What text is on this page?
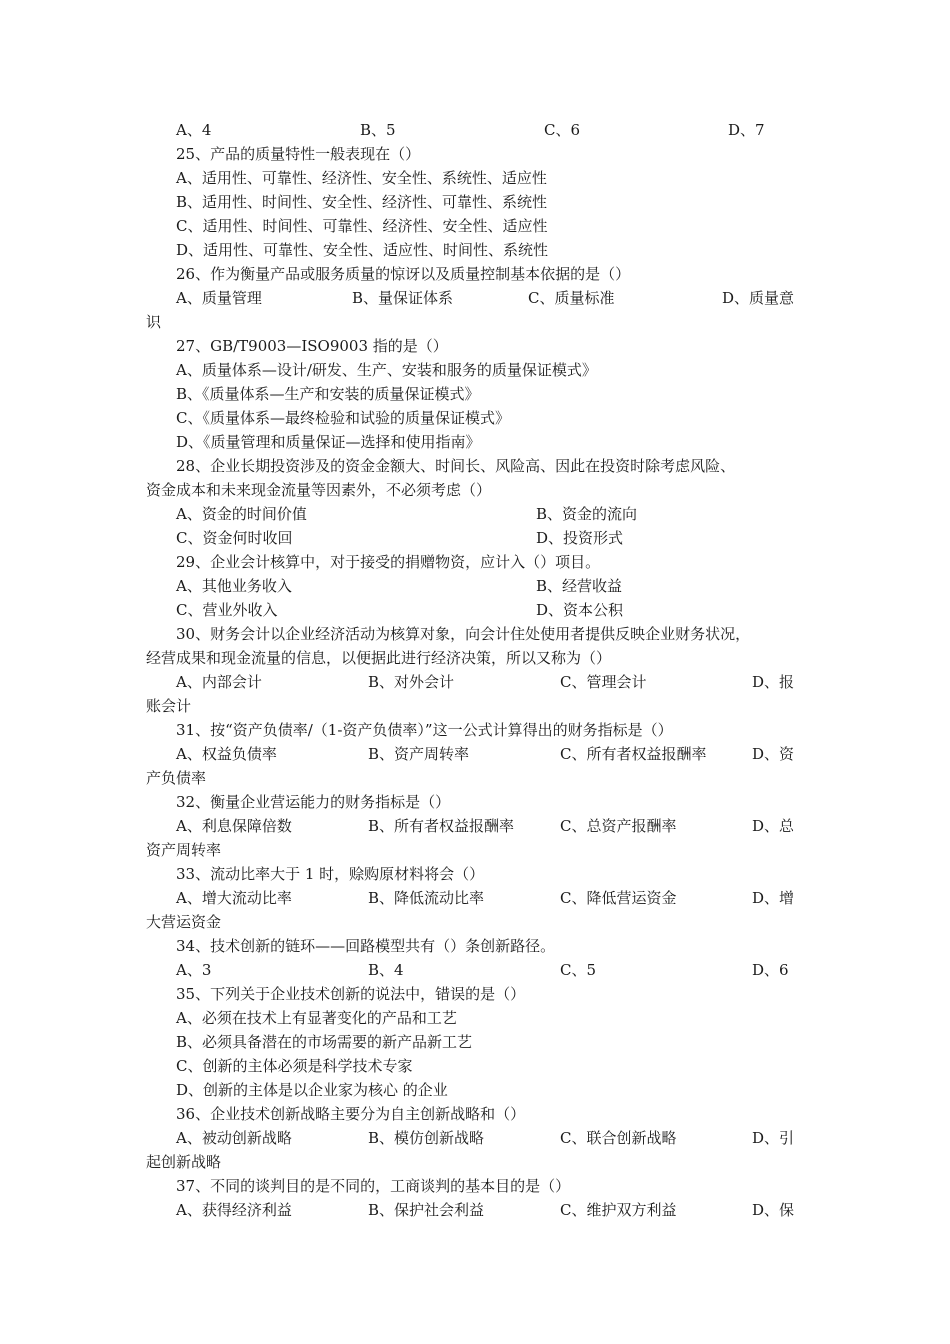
A、4	B、5	C、6	D、7
25、产品的质量特性一般表现在（）
A、适用性、可靠性、经济性、安全性、系统性、适应性
B、适用性、时间性、安全性、经济性、可靠性、系统性
C、适用性、时间性、可靠性、经济性、安全性、适应性
D、适用性、可靠性、安全性、适应性、时间性、系统性
26、作为衡量产品或服务质量的惊讶以及质量控制基本依据的是（）
A、质量管理	B、量保证体系	C、质量标准	D、质量意
识
27、GB/T9003—ISO9003 指的是（）
A、质量体系—设计/研发、生产、安装和服务的质量保证模式》
B、《质量体系—生产和安装的质量保证模式》
C、《质量体系—最终检验和试验的质量保证模式》
D、《质量管理和质量保证—选择和使用指南》
28、企业长期投资涉及的资金金额大、时间长、风险高、因此在投资时除考虑风险、
资金成本和未来现金流量等因素外，不必须考虑（）
A、资金的时间价值	B、资金的流向
C、资金何时收回	D、投资形式
29、企业会计核算中，对于接受的捐赠物资，应计入（）项目。
A、其他业务收入	B、经营收益
C、营业外收入	D、资本公积
30、财务会计以企业经济活动为核算对象，向会计住处使用者提供反映企业财务状况，
经营成果和现金流量的信息，以便据此进行经济决策，所以又称为（）
A、内部会计	B、对外会计	C、管理会计	D、报
账会计
31、按“资产负债率/（1-资产负债率）”这一公式计算得出的财务指标是（）
A、权益负债率	B、资产周转率	C、所有者权益报酬率	D、资
产负债率
32、衡量企业营运能力的财务指标是（）
A、利息保障倍数	B、所有者权益报酬率	C、总资产报酬率	D、总
资产周转率
33、流动比率大于 1 时，赊购原材料将会（）
A、增大流动比率	B、降低流动比率	C、降低营运资金	D、增
大营运资金
34、技术创新的链环——回路模型共有（）条创新路径。
A、3	B、4	C、5	D、6
35、下列关于企业技术创新的说法中，错误的是（）
A、必须在技术上有显著变化的产品和工艺
B、必须具备潜在的市场需要的新产品新工艺
C、创新的主体必须是科学技术专家
D、创新的主体是以企业家为核心 的企业
36、企业技术创新战略主要分为自主创新战略和（）
A、被动创新战略	B、模仿创新战略	C、联合创新战略	D、引
起创新战略
37、不同的谈判目的是不同的，工商谈判的基本目的是（）
A、获得经济利益	B、保护社会利益	C、维护双方利益	D、保
